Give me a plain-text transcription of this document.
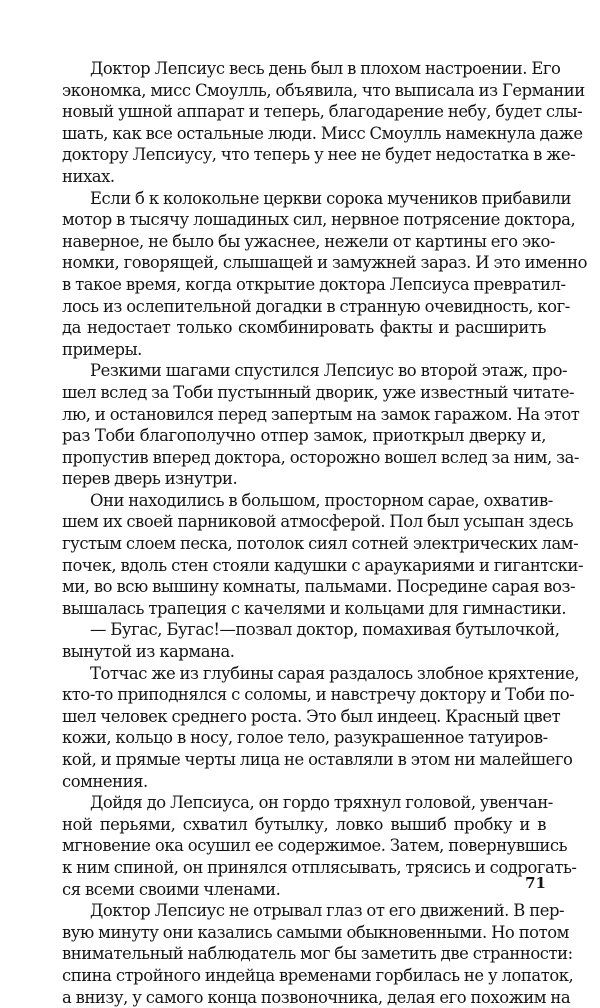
Доктор Лепсиус весь день был в плохом настроении. Его
экономка, мисс Смоулль, объявила, что выписала из Германии
новый ушной аппарат и теперь, благодарение небу, будет слы-
шать, как все остальные люди. Мисс Смоулль намекнула даже
доктору Лепсиусу, что теперь у нее не будет недостатка в же-
нихах.
Если б к колокольне церкви сорока мучеников прибавили
мотор в тысячу лошадиных сил, нервное потрясение доктора,
наверное, не было бы ужаснее, нежели от картины его эко-
номки, говорящей, слышащей и замужней зараз. И это именно
в такое время, когда открытие доктора Лепсиуса превратил-
лось из ослепительной догадки в странную очевидность, ког-
да недостает только скомбинировать факты и расширить
примеры.
Резкими шагами спустился Лепсиус во второй этаж, про-
шел вслед за Тоби пустынный дворик, уже известный читате-
лю, и остановился перед запертым на замок гаражом. На этот
раз Тоби благополучно отпер замок, приоткрыл дверку и,
пропустив вперед доктора, осторожно вошел вслед за ним, за-
перев дверь изнутри.
Они находились в большом, просторном сарае, охватив-
шем их своей парниковой атмосферой. Пол был усыпан здесь
густым слоем песка, потолок сиял сотней электрических лам-
почек, вдоль стен стояли кадушки с араукариями и гигантски-
ми, во всю вышину комнаты, пальмами. Посредине сарая воз-
вышалась трапеция с качелями и кольцами для гимнастики.
— Бугас, Бугас!—позвал доктор, помахивая бутылочкой,
вынутой из кармана.
Тотчас же из глубины сарая раздалось злобное кряхтение,
кто-то приподнялся с соломы, и навстречу доктору и Тоби по-
шел человек среднего роста. Это был индеец. Красный цвет
кожи, кольцо в носу, голое тело, разукрашенное татуиров-
кой, и прямые черты лица не оставляли в этом ни малейшего
сомнения.
Дойдя до Лепсиуса, он гордо тряхнул головой, увенчан-
ной перьями, схватил бутылку, ловко вышиб пробку и в
мгновение ока осушил ее содержимое. Затем, повернувшись
к ним спиной, он принялся отплясывать, трясись и содрогать-
ся всеми своими членами.
Доктор Лепсиус не отрывал глаз от его движений. В пер-
вую минуту они казались самыми обыкновенными. Но потом
внимательный наблюдатель мог бы заметить две странности:
спина стройного индейца временами горбилась не у лопаток,
а внизу, у самого конца позвоночника, делая его похожим на
71
